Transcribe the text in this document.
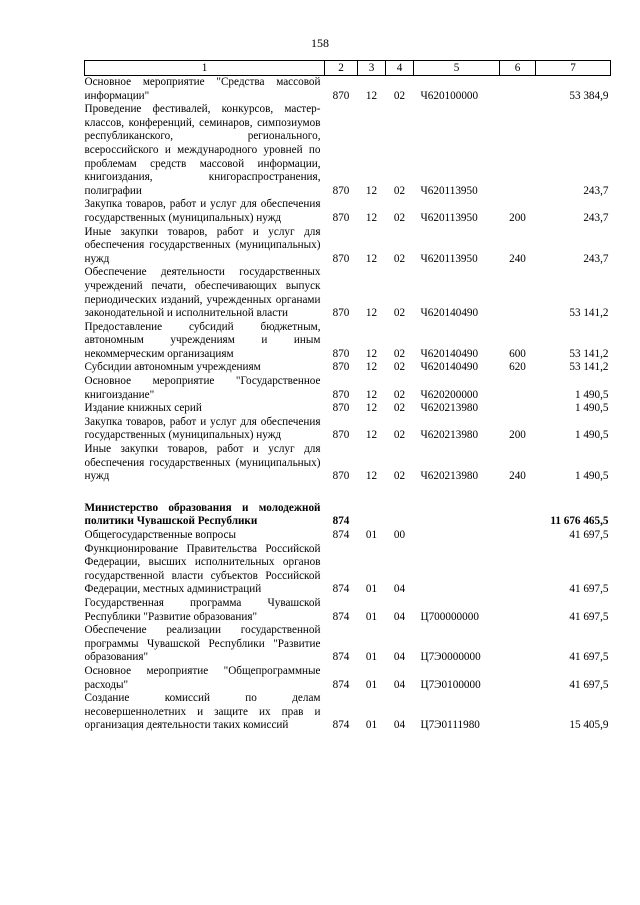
158
1	2	3	4	5	6	7
Основное мероприятие "Средства массовой информации"	870	12	02	Ч620100000		53 384,9
Проведение фестивалей, конкурсов, мастер-классов, конференций, семинаров, симпозиумов республиканского, регионального, всероссийского и международного уровней по проблемам средств массовой информации, книгоиздания, книгораспространения, полиграфии	870	12	02	Ч620113950		243,7
Закупка товаров, работ и услуг для обеспечения государственных (муниципальных) нужд	870	12	02	Ч620113950	200	243,7
Иные закупки товаров, работ и услуг для обеспечения государственных (муниципальных) нужд	870	12	02	Ч620113950	240	243,7
Обеспечение деятельности государственных учреждений печати, обеспечивающих выпуск периодических изданий, учрежденных органами законодательной и исполнительной власти	870	12	02	Ч620140490		53 141,2
Предоставление субсидий бюджетным, автономным учреждениям и иным некоммерческим организациям	870	12	02	Ч620140490	600	53 141,2
Субсидии автономным учреждениям	870	12	02	Ч620140490	620	53 141,2
Основное мероприятие "Государственное книгоиздание"	870	12	02	Ч620200000		1 490,5
Издание книжных серий	870	12	02	Ч620213980		1 490,5
Закупка товаров, работ и услуг для обеспечения государственных (муниципальных) нужд	870	12	02	Ч620213980	200	1 490,5
Иные закупки товаров, работ и услуг для обеспечения государственных (муниципальных) нужд	870	12	02	Ч620213980	240	1 490,5

Министерство образования и молодежной политики Чувашской Республики	874					11 676 465,5
Общегосударственные вопросы	874	01	00			41 697,5
Функционирование Правительства Российской Федерации, высших исполнительных органов государственной власти субъектов Российской Федерации, местных администраций	874	01	04			41 697,5
Государственная программа Чувашской Республики "Развитие образования"	874	01	04	Ц700000000		41 697,5
Обеспечение реализации государственной программы Чувашской Республики "Развитие образования"	874	01	04	Ц7Э0000000		41 697,5
Основное мероприятие "Общепрограммные расходы"	874	01	04	Ц7Э0100000		41 697,5
Создание комиссий по делам несовершеннолетних и защите их прав и организация деятельности таких комиссий	874	01	04	Ц7Э0111980		15 405,9
